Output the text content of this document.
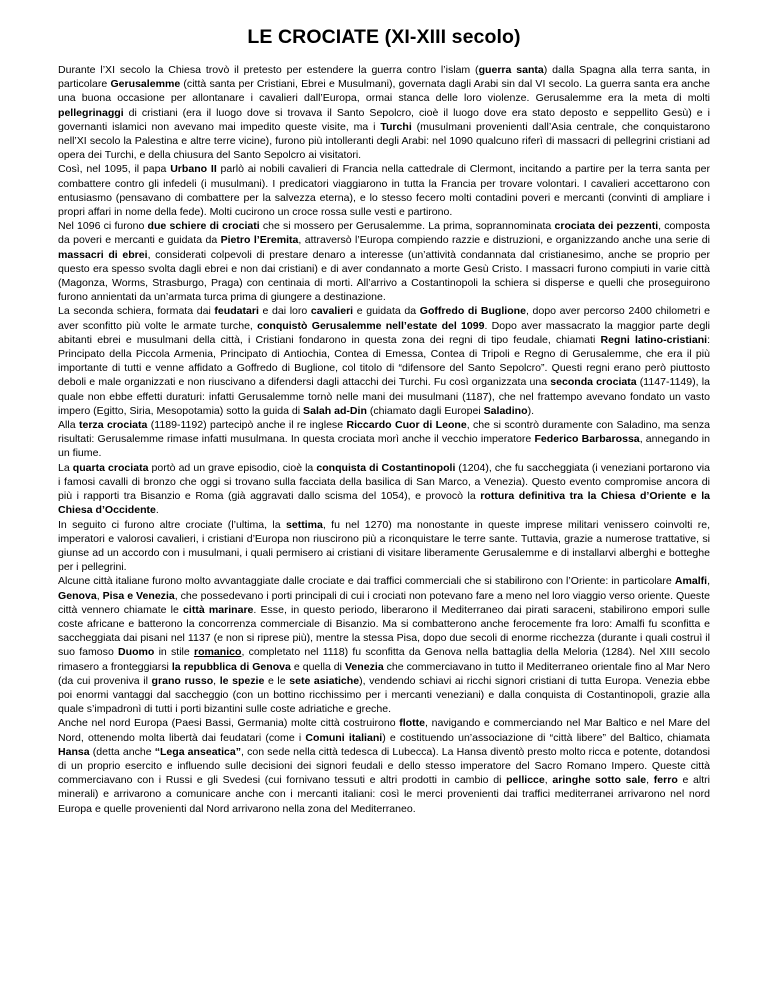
LE CROCIATE (XI-XIII secolo)

Durante l’XI secolo la Chiesa trovò il pretesto per estendere la guerra contro l’islam (guerra santa) dalla Spagna alla terra santa, in particolare Gerusalemme (città santa per Cristiani, Ebrei e Musulmani), governata dagli Arabi sin dal VI secolo. La guerra santa era anche una buona occasione per allontanare i cavalieri dall’Europa, ormai stanca delle loro violenze. Gerusalemme era la meta di molti pellegrinaggi di cristiani (era il luogo dove si trovava il Santo Sepolcro, cioè il luogo dove era stato deposto e seppellito Gesù) e i governanti islamici non avevano mai impedito queste visite, ma i Turchi (musulmani provenienti dall’Asia centrale, che conquistarono nell’XI secolo la Palestina e altre terre vicine), furono più intolleranti degli Arabi: nel 1090 qualcuno riferì di massacri di pellegrini cristiani ad opera dei Turchi, e della chiusura del Santo Sepolcro ai visitatori.

Così, nel 1095, il papa Urbano II parlò ai nobili cavalieri di Francia nella cattedrale di Clermont, incitando a partire per la terra santa per combattere contro gli infedeli (i musulmani). I predicatori viaggiarono in tutta la Francia per trovare volontari. I cavalieri accettarono con entusiasmo (pensavano di combattere per la salvezza eterna), e lo stesso fecero molti contadini poveri e mercanti (convinti di ampliare i propri affari in nome della fede). Molti cucirono un croce rossa sulle vesti e partirono.

Nel 1096 ci furono due schiere di crociati che si mossero per Gerusalemme. La prima, soprannominata crociata dei pezzenti, composta da poveri e mercanti e guidata da Pietro l’Eremita, attraversò l’Europa compiendo razzie e distruzioni, e organizzando anche una serie di massacri di ebrei, considerati colpevoli di prestare denaro a interesse (un’attività condannata dal cristianesimo, anche se proprio per questo era spesso svolta dagli ebrei e non dai cristiani) e di aver condannato a morte Gesù Cristo. I massacri furono compiuti in varie città (Magonza, Worms, Strasburgo, Praga) con centinaia di morti. All’arrivo a Costantinopoli la schiera si disperse e quelli che proseguirono furono annientati da un’armata turca prima di giungere a destinazione.

La seconda schiera, formata dai feudatari e dai loro cavalieri e guidata da Goffredo di Buglione, dopo aver percorso 2400 chilometri e aver sconfitto più volte le armate turche, conquistò Gerusalemme nell’estate del 1099. Dopo aver massacrato la maggior parte degli abitanti ebrei e musulmani della città, i Cristiani fondarono in questa zona dei regni di tipo feudale, chiamati Regni latino-cristiani: Principato della Piccola Armenia, Principato di Antiochia, Contea di Emessa, Contea di Tripoli e Regno di Gerusalemme, che era il più importante di tutti e venne affidato a Goffredo di Buglione, col titolo di “difensore del Santo Sepolcro”. Questi regni erano però piuttosto deboli e male organizzati e non riuscivano a difendersi dagli attacchi dei Turchi. Fu così organizzata una seconda crociata (1147-1149), la quale non ebbe effetti duraturi: infatti Gerusalemme tornò nelle mani dei musulmani (1187), che nel frattempo avevano fondato un vasto impero (Egitto, Siria, Mesopotamia) sotto la guida di Salah ad-Din (chiamato dagli Europei Saladino).

Alla terza crociata (1189-1192) partecipò anche il re inglese Riccardo Cuor di Leone, che si scontrò duramente con Saladino, ma senza risultati: Gerusalemme rimase infatti musulmana. In questa crociata morì anche il vecchio imperatore Federico Barbarossa, annegando in un fiume.

La quarta crociata portò ad un grave episodio, cioè la conquista di Costantinopoli (1204), che fu saccheggiata (i veneziani portarono via i famosi cavalli di bronzo che oggi si trovano sulla facciata della basilica di San Marco, a Venezia). Questo evento compromise ancora di più i rapporti tra Bisanzio e Roma (già aggravati dallo scisma del 1054), e provocò la rottura definitiva tra la Chiesa d’Oriente e la Chiesa d’Occidente.

In seguito ci furono altre crociate (l’ultima, la settima, fu nel 1270) ma nonostante in queste imprese militari venissero coinvolti re, imperatori e valorosi cavalieri, i cristiani d’Europa non riuscirono più a riconquistare le terre sante. Tuttavia, grazie a numerose trattative, si giunse ad un accordo con i musulmani, i quali permisero ai cristiani di visitare liberamente Gerusalemme e di installarvi alberghi e botteghe per i pellegrini.

Alcune città italiane furono molto avvantaggiate dalle crociate e dai traffici commerciali che si stabilirono con l’Oriente: in particolare Amalfi, Genova, Pisa e Venezia, che possedevano i porti principali di cui i crociati non potevano fare a meno nel loro viaggio verso oriente. Queste città vennero chiamate le città marinare. Esse, in questo periodo, liberarono il Mediterraneo dai pirati saraceni, stabilirono empori sulle coste africane e batterono la concorrenza commerciale di Bisanzio. Ma si combatterono anche ferocemente fra loro: Amalfi fu sconfitta e saccheggiata dai pisani nel 1137 (e non si riprese più), mentre la stessa Pisa, dopo due secoli di enorme ricchezza (durante i quali costruì il suo famoso Duomo in stile romanico, completato nel 1118) fu sconfitta da Genova nella battaglia della Meloria (1284). Nel XIII secolo rimasero a fronteggiarsi la repubblica di Genova e quella di Venezia che commerciavano in tutto il Mediterraneo orientale fino al Mar Nero (da cui proveniva il grano russo, le spezie e le sete asiatiche), vendendo schiavi ai ricchi signori cristiani di tutta Europa. Venezia ebbe poi enormi vantaggi dal saccheggio (con un bottino ricchissimo per i mercanti veneziani) e dalla conquista di Costantinopoli, grazie alla quale s’impadronì di tutti i porti bizantini sulle coste adriatiche e greche.

Anche nel nord Europa (Paesi Bassi, Germania) molte città costruirono flotte, navigando e commerciando nel Mar Baltico e nel Mare del Nord, ottenendo molta libertà dai feudatari (come i Comuni italiani) e costituendo un’associazione di “città libere” del Baltico, chiamata Hansa (detta anche “Lega anseatica”, con sede nella città tedesca di Lubecca). La Hansa diventò presto molto ricca e potente, dotandosi di un proprio esercito e influendo sulle decisioni dei signori feudali e dello stesso imperatore del Sacro Romano Impero. Queste città commerciavano con i Russi e gli Svedesi (cui fornivano tessuti e altri prodotti in cambio di pellicce, aringhe sotto sale, ferro e altri minerali) e arrivarono a comunicare anche con i mercanti italiani: così le merci provenienti dai traffici mediterranei arrivarono nel nord Europa e quelle provenienti dal Nord arrivarono nella zona del Mediterraneo.
